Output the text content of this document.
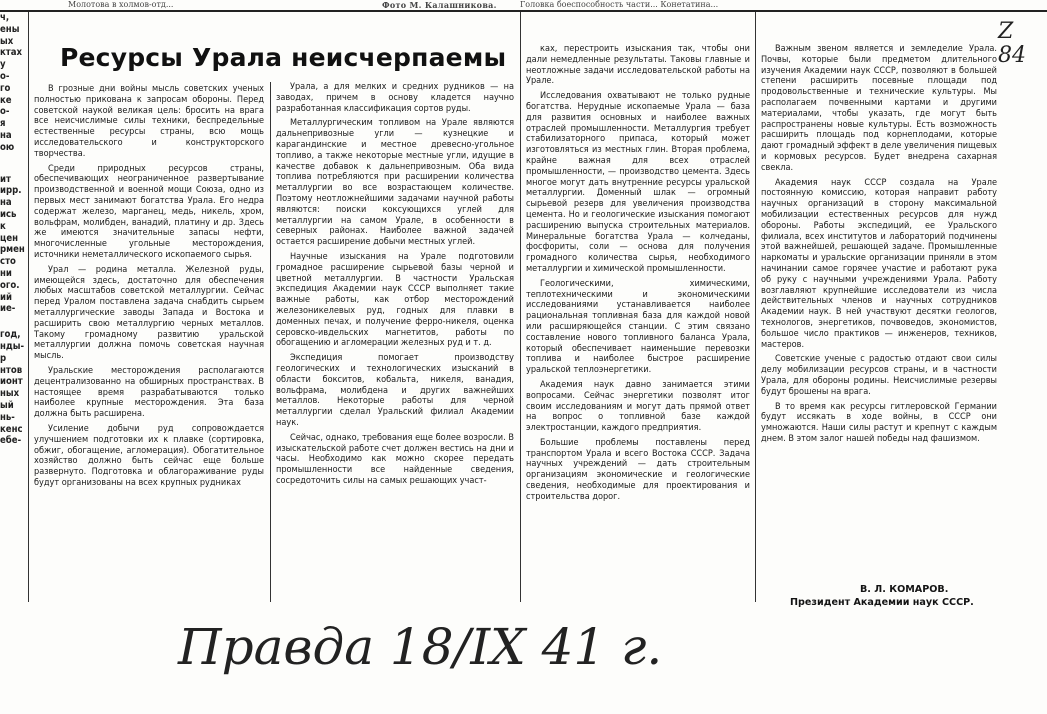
Молотова в холмов-отд...	Фото М. Калашникова.	Головка боеспособность части... Конетатина...
ч,
ены
ых
ктах
у
о-
го
ке
о-
я
на
ою
ит
ирр.
на
ись
к
цен
рмен
сто
ни
ого.
ий
ие-
год,
нды-
р
нтов
ионт
ных
ый
нь-
кенс
ебе-
Ресурсы Урала неисчерпаемы

В грозные дни войны мысль советских ученых полностью прикована к запросам обороны. Перед советской наукой великая цель: бросить на врага все неисчислимые силы техники, беспредельные естественные ресурсы страны, всю мощь исследовательского и конструкторского творчества.

Среди природных ресурсов страны, обеспечивающих неограниченное развертывание производственной и военной мощи Союза, одно из первых мест занимают богатства Урала. Его недра содержат железо, марганец, медь, никель, хром, вольфрам, молибден, ванадий, платину и др. Здесь же имеются значительные запасы нефти, многочисленные угольные месторождения, источники неметаллического ископаемого сырья.

Урал — родина металла. Железной руды, имеющейся здесь, достаточно для обеспечения любых масштабов советской металлургии. Сейчас перед Уралом поставлена задача снабдить сырьем металлургические заводы Запада и Востока и расширить свою металлургию черных металлов. Такому громадному развитию уральской металлургии должна помочь советская научная мысль.

Уральские месторождения располагаются децентрализованно на обширных пространствах. В настоящее время разрабатываются только наиболее крупные месторождения. Эта база должна быть расширена.

Усиление добычи руд сопровождается улучшением подготовки их к плавке (сортировка, обжиг, обогащение, агломерация). Обогатительное хозяйство должно быть сейчас еще больше развернуто. Подготовка и облагораживание руды будут организованы на всех крупных рудниках

Урала, а для мелких и средних рудников — на заводах, причем в основу кладется научно разработанная классификация сортов руды.

Металлургическим топливом на Урале являются дальнепривозные угли — кузнецкие и карагандинские и местное древесно-угольное топливо, а также некоторые местные угли, идущие в качестве добавок к дальнепривозным. Оба вида топлива потребляются при расширении количества металлургии во все возрастающем количестве. Поэтому неотложнейшими задачами научной работы являются: поиски коксующихся углей для металлургии на самом Урале, в особенности в северных районах. Наиболее важной задачей остается расширение добычи местных углей.

Научные изыскания на Урале подготовили громадное расширение сырьевой базы черной и цветной металлургии. В частности Уральская экспедиция Академии наук СССР выполняет такие важные работы, как отбор месторождений железоникелевых руд, годных для плавки в доменных печах, и получение ферро-никеля, оценка серовско-ивдельских магнетитов, работы по обогащению и агломерации железных руд и т. д.

Экспедиция помогает производству геологических и технологических изысканий в области бокситов, кобальта, никеля, ванадия, вольфрама, молибдена и других важнейших металлов. Некоторые работы для черной металлургии сделал Уральский филиал Академии наук.

Сейчас, однако, требования еще более возросли. В изыскательской работе счет должен вестись на дни и часы. Необходимо как можно скорее передать промышленности все найденные сведения, сосредоточить силы на самых решающих участ-

ках, перестроить изыскания так, чтобы они дали немедленные результаты. Таковы главные и неотложные задачи исследовательской работы на Урале.

Исследования охватывают не только рудные богатства. Нерудные ископаемые Урала — база для развития основных и наиболее важных отраслей промышленности. Металлургия требует стабилизаторного припаса, который может изготовляться из местных глин. Вторая проблема, крайне важная для всех отраслей промышленности, — производство цемента. Здесь многое могут дать внутренние ресурсы уральской металлургии. Доменный шлак — огромный сырьевой резерв для увеличения производства цемента. Но и геологические изыскания помогают расширению выпуска строительных материалов. Минеральные богатства Урала — колчеданы, фосфориты, соли — основа для получения громадного количества сырья, необходимого металлургии и химической промышленности.

Геологическими, химическими, теплотехническими и экономическими исследованиями устанавливается наиболее рациональная топливная база для каждой новой или расширяющейся станции. С этим связано составление нового топливного баланса Урала, который обеспечивает наименьшие перевозки топлива и наиболее быстрое расширение уральской теплоэнергетики.

Академия наук давно занимается этими вопросами. Сейчас энергетики позволят итог своим исследованиям и могут дать прямой ответ на вопрос о топливной базе каждой электростанции, каждого предприятия.

Большие проблемы поставлены перед транспортом Урала и всего Востока СССР. Задача научных учреждений — дать строительным организациям экономические и геологические сведения, необходимые для проектирования и строительства дорог.

Важным звеном является и земледелие Урала. Почвы, которые были предметом длительного изучения Академии наук СССР, позволяют в большей степени расширить посевные площади под продовольственные и технические культуры. Мы располагаем почвенными картами и другими материалами, чтобы указать, где могут быть распространены новые культуры. Есть возможность расширить площадь под корнеплодами, которые дают громадный эффект в деле увеличения пищевых и кормовых ресурсов. Будет внедрена сахарная свекла.

Академия наук СССР создала на Урале постоянную комиссию, которая направит работу научных организаций в сторону максимальной мобилизации естественных ресурсов для нужд обороны. Работы экспедиций, ее Уральского филиала, всех институтов и лабораторий подчинены этой важнейшей, решающей задаче. Промышленные наркоматы и уральские организации приняли в этом начинании самое горячее участие и работают рука об руку с научными учреждениями Урала. Работу возглавляют крупнейшие исследователи из числа действительных членов и научных сотрудников Академии наук. В ней участвуют десятки геологов, технологов, энергетиков, почвоведов, экономистов, большое число практиков — инженеров, техников, мастеров.

Советские ученые с радостью отдают свои силы делу мобилизации ресурсов страны, и в частности Урала, для обороны родины. Неисчислимые резервы будут брошены на врага.

В то время как ресурсы гитлеровской Германии будут иссякать в ходе войны, в СССР они умножаются. Наши силы растут и крепнут с каждым днем. В этом залог нашей победы над фашизмом.

В. Л. КОМАРОВ.
Президент Академии наук СССР.
Правда 18/IX 41 г.
Z 84
